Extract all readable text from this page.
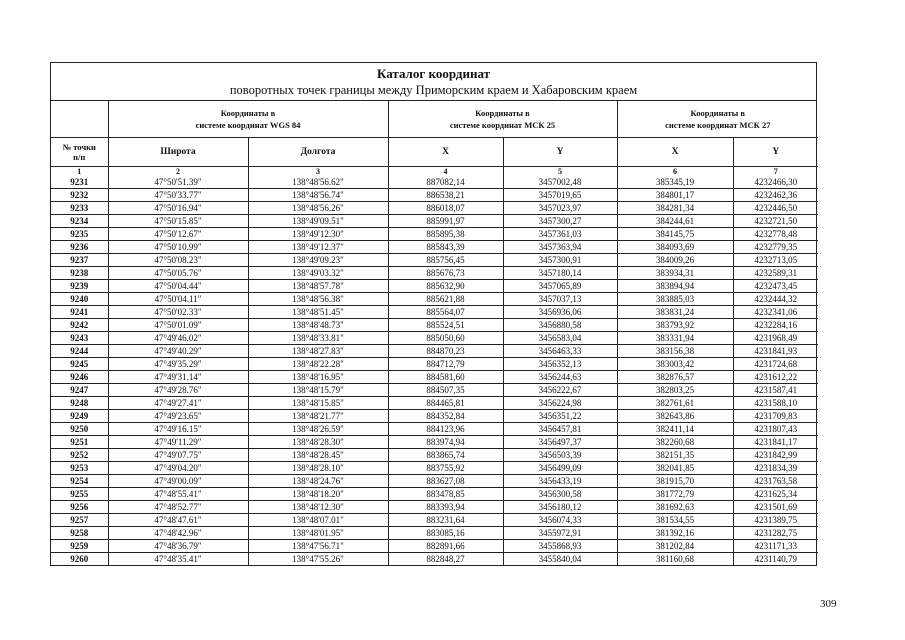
Каталог координат
поворотных точек границы между Приморским краем и Хабаровским краем
	Координаты в
системе координат WGS 84		Координаты в
системе координат МСК 25		Координаты в
системе координат МСК 27	
№ точки
п/п	Широта	Долгота	X	Y	X	Y
1	2	3	4	5	6	7
9231	47°50'51.39"	138°48'56.62"	887082,14	3457002,48	385345,19	4232466,30
9232	47°50'33.77"	138°48'56.74"	886538,21	3457019,65	384801,17	4232462,36
9233	47°50'16.94"	138°48'56.26"	886018,07	3457023,97	384281,34	4232446,50
9234	47°50'15.85"	138°49'09.51"	885991,97	3457300,27	384244,61	4232721,50
9235	47°50'12.67"	138°49'12.30"	885895,38	3457361,03	384145,75	4232778,48
9236	47°50'10.99"	138°49'12.37"	885843,39	3457363,94	384093,69	4232779,35
9237	47°50'08.23"	138°49'09.23"	885756,45	3457300,91	384009,26	4232713,05
9238	47°50'05.76"	138°49'03.32"	885676,73	3457180,14	383934,31	4232589,31
9239	47°50'04.44"	138°48'57.78"	885632,90	3457065,89	383894,94	4232473,45
9240	47°50'04.11"	138°48'56.38"	885621,88	3457037,13	383885,03	4232444,32
9241	47°50'02.33"	138°48'51.45"	885564,07	3456936,06	383831,24	4232341,06
9242	47°50'01.09"	138°48'48.73"	885524,51	3456880,58	383793,92	4232284,16
9243	47°49'46.02"	138°48'33.81"	885050,60	3456583,04	383331,94	4231968,49
9244	47°49'40.29"	138°48'27.83"	884870,23	3456463,33	383156,38	4231841,93
9245	47°49'35.29"	138°48'22.28"	884712,79	3456352,13	383003,42	4231724,68
9246	47°49'31.14"	138°48'16.95"	884581,60	3456244,63	382876,57	4231612,22
9247	47°49'28.76"	138°48'15.79"	884507,35	3456222,67	382803,25	4231587,41
9248	47°49'27.41"	138°48'15.85"	884465,81	3456224,98	382761,61	4231588,10
9249	47°49'23.65"	138°48'21.77"	884352,84	3456351,22	382643,86	4231709,83
9250	47°49'16.15"	138°48'26.59"	884123,96	3456457,81	382411,14	4231807,43
9251	47°49'11.29"	138°48'28.30"	883974,94	3456497,37	382260,68	4231841,17
9252	47°49'07.75"	138°48'28.45"	883865,74	3456503,39	382151,35	4231842,99
9253	47°49'04.20"	138°48'28.10"	883755,92	3456499,09	382041,85	4231834,39
9254	47°49'00.09"	138°48'24.76"	883627,08	3456433,19	381915,70	4231763,58
9255	47°48'55.41"	138°48'18.20"	883478,85	3456300,58	381772,79	4231625,34
9256	47°48'52.77"	138°48'12.30"	883393,94	3456180,12	381692,63	4231501,69
9257	47°48'47.61"	138°48'07.01"	883231,64	3456074,33	381534,55	4231389,75
9258	47°48'42.96"	138°48'01.95"	883085,16	3455972,91	381392,16	4231282,75
9259	47°48'36.79"	138°47'56.71"	882891,66	3455868,93	381202,84	4231171,33
9260	47°48'35.41"	138°47'55.26"	882848,27	3455840,04	381160,68	4231140,79
309
